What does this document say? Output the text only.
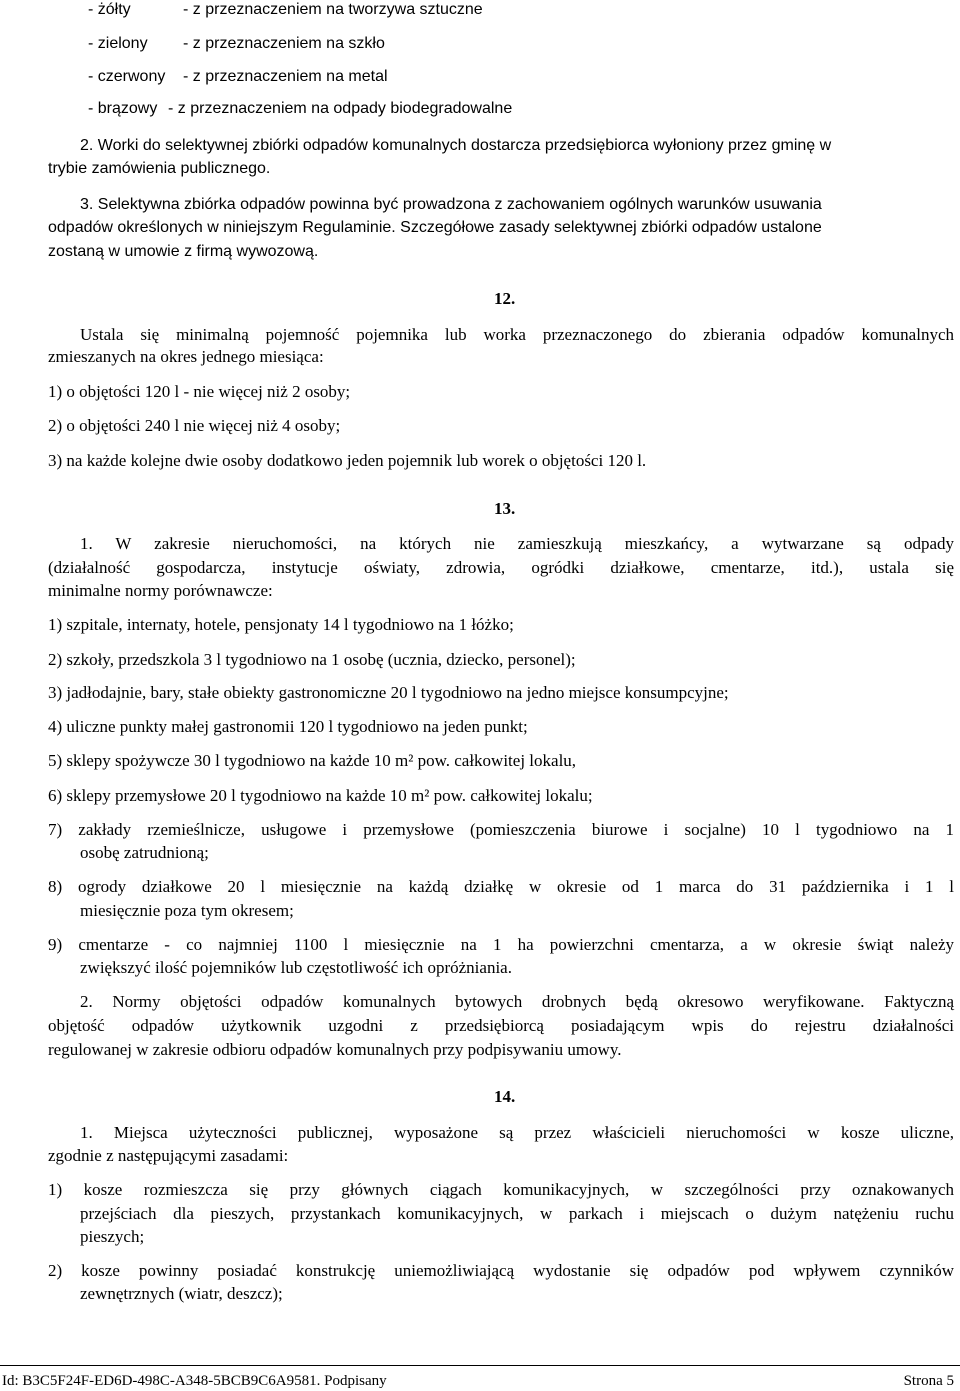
- żółty	- z przeznaczeniem na tworzywa sztuczne
- zielony - z przeznaczeniem na szkło
- czerwony - z przeznaczeniem na metal
- brązowy - z przeznaczeniem na odpady biodegradowalne
2. Worki do selektywnej zbiórki odpadów komunalnych dostarcza przedsiębiorca wyłoniony przez gminę w
trybie zamówienia publicznego.
3. Selektywna zbiórka odpadów powinna być prowadzona z zachowaniem ogólnych warunków usuwania
odpadów określonych w niniejszym Regulaminie. Szczegółowe zasady selektywnej zbiórki odpadów ustalone
zostaną w umowie z firmą wywozową.
12.
Ustala się minimalną pojemność pojemnika lub worka przeznaczonego do zbierania odpadów komunalnych
zmieszanych na okres jednego miesiąca:
1) o objętości 120 l - nie więcej niż 2 osoby;
2) o objętości 240 l nie więcej niż 4 osoby;
3) na każde kolejne dwie osoby dodatkowo jeden pojemnik lub worek o objętości 120 l.
13.
1. W zakresie nieruchomości, na których nie zamieszkują mieszkańcy, a wytwarzane są odpady
(działalność gospodarcza, instytucje oświaty, zdrowia, ogródki działkowe, cmentarze, itd.), ustala się
minimalne normy porównawcze:
1) szpitale, internaty, hotele, pensjonaty 14 l tygodniowo na 1 łóżko;
2) szkoły, przedszkola 3 l tygodniowo na 1 osobę (ucznia, dziecko, personel);
3) jadłodajnie, bary, stałe obiekty gastronomiczne 20 l tygodniowo na jedno miejsce konsumpcyjne;
4) uliczne punkty małej gastronomii 120 l tygodniowo na jeden punkt;
5) sklepy spożywcze 30 l tygodniowo na każde 10 m² pow. całkowitej lokalu,
6) sklepy przemysłowe 20 l tygodniowo na każde 10 m² pow. całkowitej lokalu;
7) zakłady rzemieślnicze, usługowe i przemysłowe (pomieszczenia biurowe i socjalne) 10 l tygodniowo na 1
osobę zatrudnioną;
8) ogrody działkowe 20 l miesięcznie na każdą działkę w okresie od 1 marca do 31 października i 1 l
miesięcznie poza tym okresem;
9) cmentarze - co najmniej 1100 l miesięcznie na 1 ha powierzchni cmentarza, a w okresie świąt należy
zwiększyć ilość pojemników lub częstotliwość ich opróżniania.
2. Normy objętości odpadów komunalnych bytowych drobnych będą okresowo weryfikowane. Faktyczną
objętość odpadów użytkownik uzgodni z przedsiębiorcą posiadającym wpis do rejestru działalności
regulowanej w zakresie odbioru odpadów komunalnych przy podpisywaniu umowy.
14.
1. Miejsca użyteczności publicznej, wyposażone są przez właścicieli nieruchomości w kosze uliczne,
zgodnie z następującymi zasadami:
1) kosze rozmieszcza się przy głównych ciągach komunikacyjnych, w szczególności przy oznakowanych
przejściach dla pieszych, przystankach komunikacyjnych, w parkach i miejscach o dużym natężeniu ruchu
pieszych;
2) kosze powinny posiadać konstrukcję uniemożliwiającą wydostanie się odpadów pod wpływem czynników
zewnętrznych (wiatr, deszcz);
Id: B3C5F24F-ED6D-498C-A348-5BCB9C6A9581. Podpisany	Strona 5
